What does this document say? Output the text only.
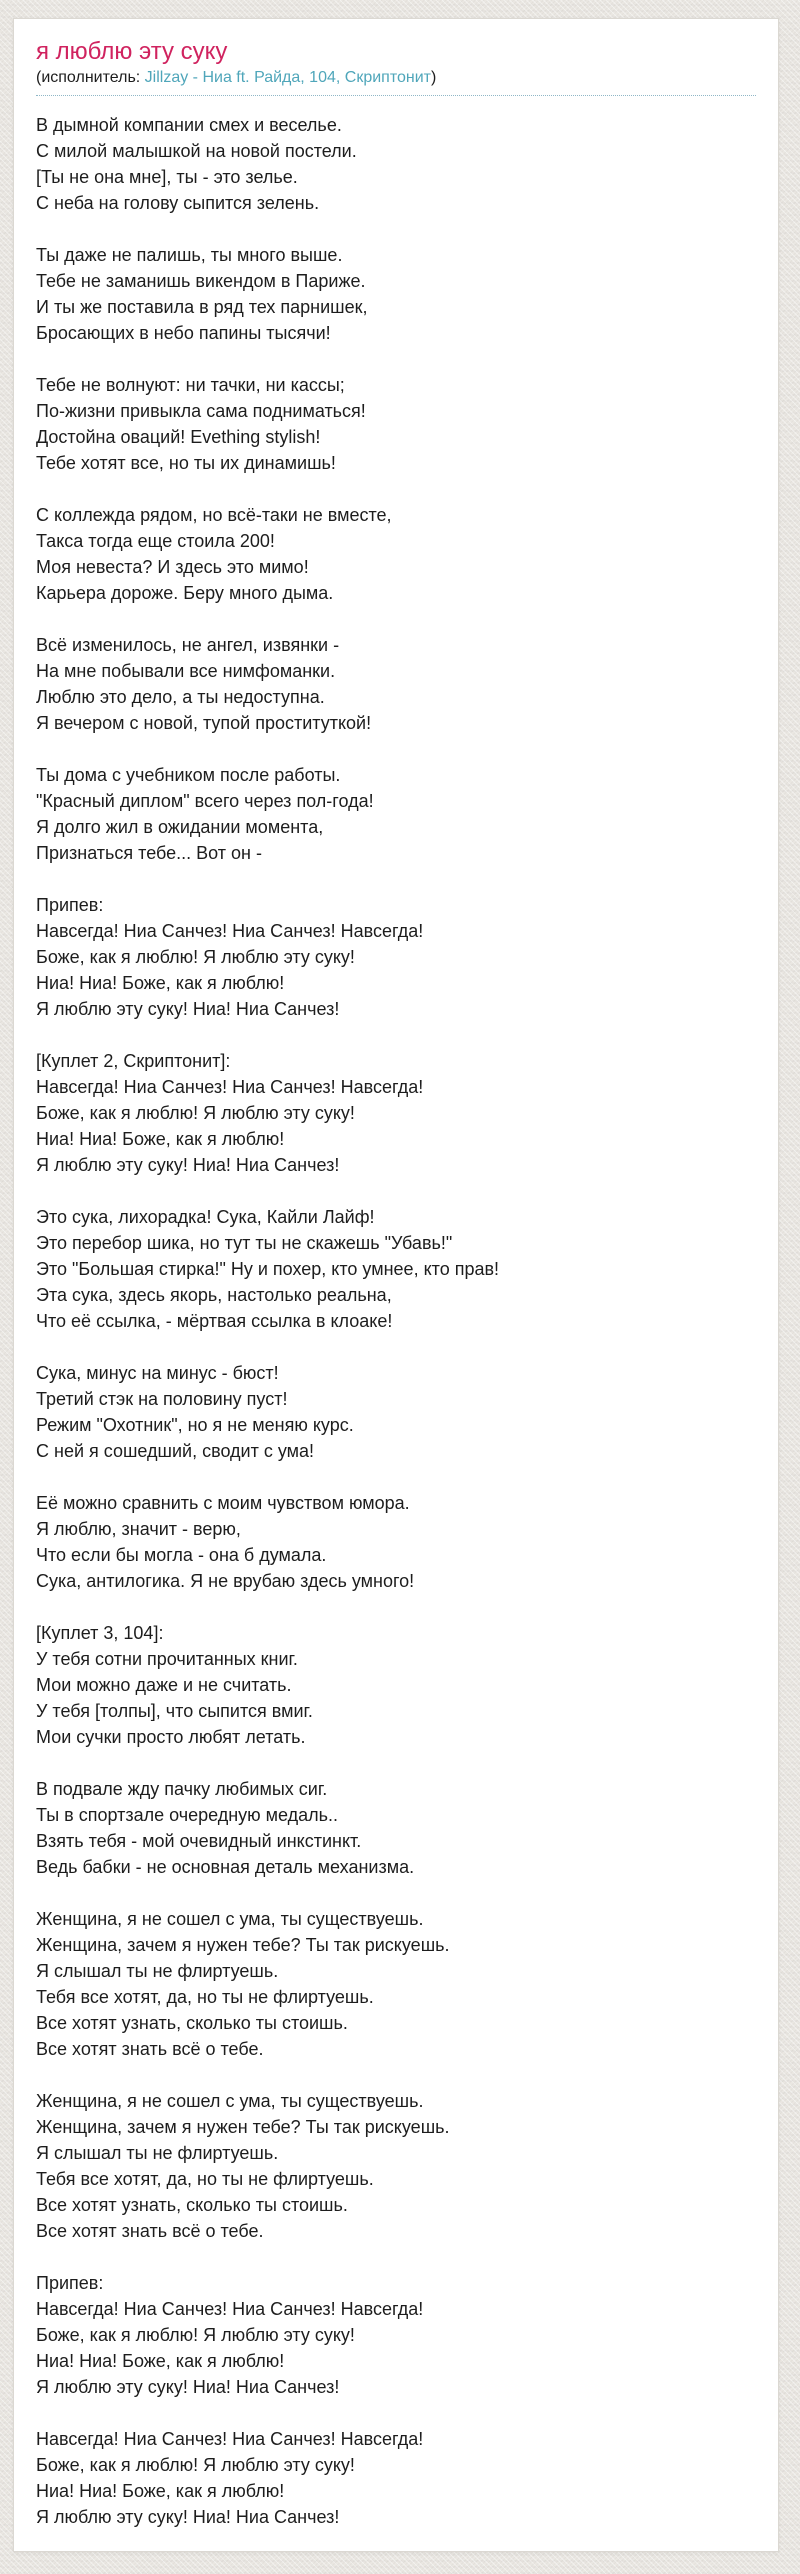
я люблю эту суку
(исполнитель: Jillzay - Ниа ft. Райда, 104, Скриптонит)

В дымной компании смех и веселье.
С милой малышкой на новой постели.
[Ты не она мне], ты - это зелье.
С неба на голову сыпится зелень.

Ты даже не палишь, ты много выше.
Тебе не заманишь викендом в Париже.
И ты же поставила в ряд тех парнишек,
Бросающих в небо папины тысячи!

Тебе не волнуют: ни тачки, ни кассы;
По-жизни привыкла сама подниматься!
Достойна оваций! Evething stylish!
Тебе хотят все, но ты их динамишь!

С коллежда рядом, но всё-таки не вместе,
Такса тогда еще стоила 200!
Моя невеста? И здесь это мимо!
Карьера дороже. Беру много дыма.

Всё изменилось, не ангел, извянки -
На мне побывали все нимфоманки.
Люблю это дело, а ты недоступна.
Я вечером с новой, тупой проституткой!

Ты дома с учебником после работы.
"Красный диплом" всего через пол-года!
Я долго жил в ожидании момента,
Признаться тебе... Вот он -

Припев:
Навсегда! Ниа Санчез! Ниа Санчез! Навсегда!
Боже, как я люблю! Я люблю эту суку!
Ниа! Ниа! Боже, как я люблю!
Я люблю эту суку! Ниа! Ниа Санчез!

[Куплет 2, Скриптонит]:
Навсегда! Ниа Санчез! Ниа Санчез! Навсегда!
Боже, как я люблю! Я люблю эту суку!
Ниа! Ниа! Боже, как я люблю!
Я люблю эту суку! Ниа! Ниа Санчез!

Это сука, лихорадка! Сука, Кайли Лайф!
Это перебор шика, но тут ты не скажешь "Убавь!"
Это "Большая стирка!" Ну и похер, кто умнее, кто прав!
Эта сука, здесь якорь, настолько реальна,
Что её ссылка, - мёртвая ссылка в клоаке!

Сука, минус на минус - бюст!
Третий стэк на половину пуст!
Режим "Охотник", но я не меняю курс.
С ней я сошедший, сводит с ума!

Её можно сравнить с моим чувством юмора.
Я люблю, значит - верю,
Что если бы могла - она б думала.
Сука, антилогика. Я не врубаю здесь умного!

[Куплет 3, 104]:
У тебя сотни прочитанных книг.
Мои можно даже и не считать.
У тебя [толпы], что сыпится вмиг.
Мои сучки просто любят летать.

В подвале жду пачку любимых сиг.
Ты в спортзале очередную медаль..
Взять тебя - мой очевидный инкстинкт.
Ведь бабки - не основная деталь механизма.

Женщина, я не сошел с ума, ты существуешь.
Женщина, зачем я нужен тебе? Ты так рискуешь.
Я слышал ты не флиртуешь.
Тебя все хотят, да, но ты не флиртуешь.
Все хотят узнать, сколько ты стоишь.
Все хотят знать всё о тебе.

Женщина, я не сошел с ума, ты существуешь.
Женщина, зачем я нужен тебе? Ты так рискуешь.
Я слышал ты не флиртуешь.
Тебя все хотят, да, но ты не флиртуешь.
Все хотят узнать, сколько ты стоишь.
Все хотят знать всё о тебе.

Припев:
Навсегда! Ниа Санчез! Ниа Санчез! Навсегда!
Боже, как я люблю! Я люблю эту суку!
Ниа! Ниа! Боже, как я люблю!
Я люблю эту суку! Ниа! Ниа Санчез!

Навсегда! Ниа Санчез! Ниа Санчез! Навсегда!
Боже, как я люблю! Я люблю эту суку!
Ниа! Ниа! Боже, как я люблю!
Я люблю эту суку! Ниа! Ниа Санчез!
